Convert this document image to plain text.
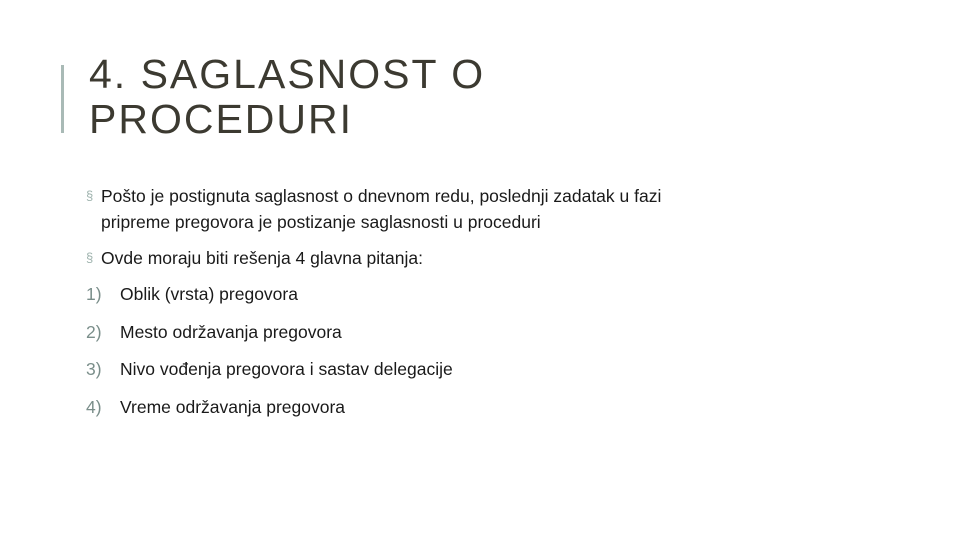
4. SAGLASNOST O
PROCEDURI
§ Pošto je postignuta saglasnost o dnevnom redu, poslednji zadatak u fazi
pripreme pregovora je postizanje saglasnosti u proceduri
§ Ovde moraju biti rešenja 4 glavna pitanja:
1) Oblik (vrsta) pregovora
2) Mesto održavanja pregovora
3) Nivo vođenja pregovora i sastav delegacije
4) Vreme održavanja pregovora
